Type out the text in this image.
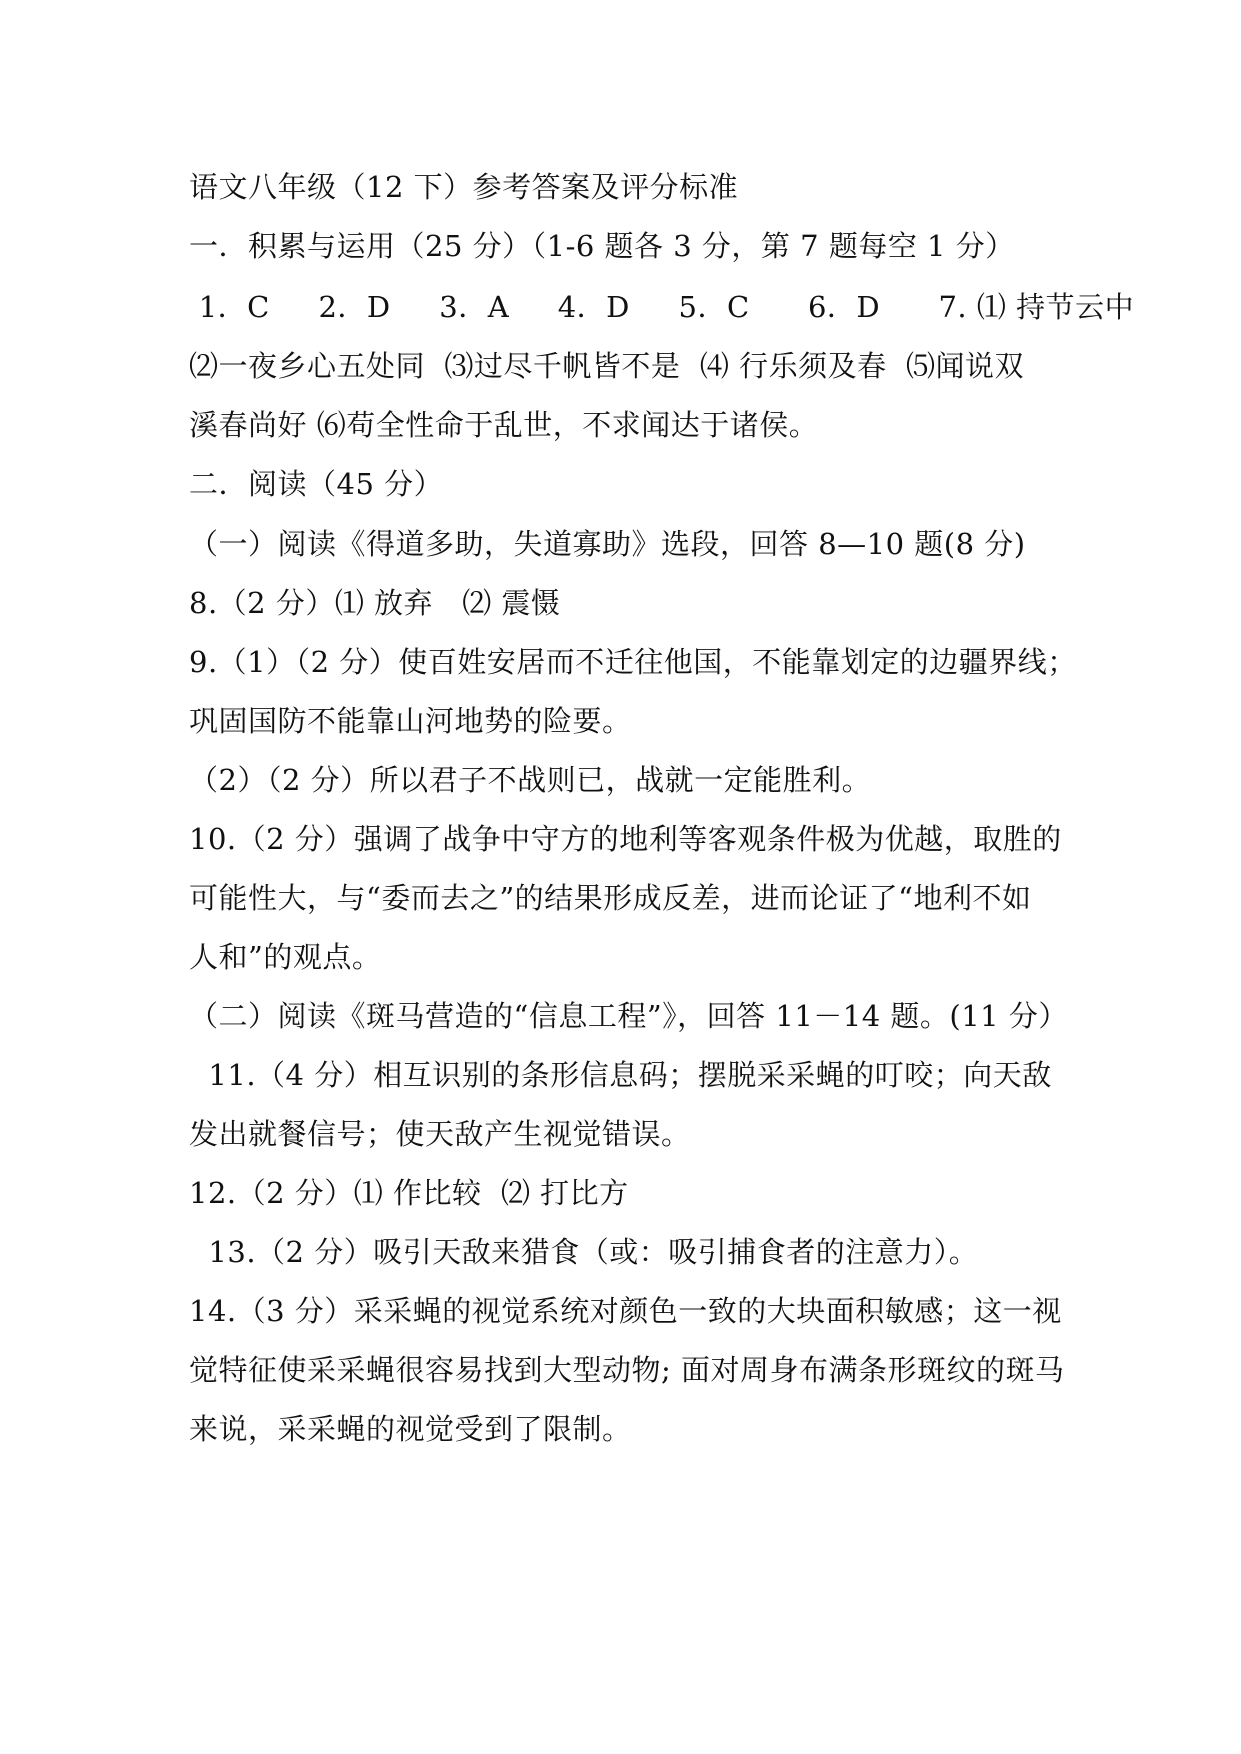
语文八年级（12 下）参考答案及评分标准
一．积累与运用（25 分）（1-6 题各 3 分，第 7 题每空 1 分）
1．C     2．D     3．A     4．D     5．C      6．D      7. ⑴ 持节云中
⑵一夜乡心五处同  ⑶过尽千帆皆不是  ⑷ 行乐须及春  ⑸闻说双
溪春尚好 ⑹苟全性命于乱世，不求闻达于诸侯。
二．阅读（45 分）
（一）阅读《得道多助，失道寡助》选段，回答 8—10 题(8 分)
8.（2 分）⑴ 放弃   ⑵ 震慑
9.（1）（2 分）使百姓安居而不迁往他国，不能靠划定的边疆界线；
巩固国防不能靠山河地势的险要。
（2）（2 分）所以君子不战则已，战就一定能胜利。
10.（2 分）强调了战争中守方的地利等客观条件极为优越，取胜的
可能性大，与“委而去之”的结果形成反差，进而论证了“地利不如
人和”的观点。
（二）阅读《斑马营造的“信息工程”》，回答 11－14 题。(11 分）
11.（4 分）相互识别的条形信息码；摆脱采采蝇的叮咬；向天敌
发出就餐信号；使天敌产生视觉错误。
12.（2 分）⑴ 作比较  ⑵ 打比方
13.（2 分）吸引天敌来猎食（或：吸引捕食者的注意力）。
14.（3 分）采采蝇的视觉系统对颜色一致的大块面积敏感；这一视
觉特征使采采蝇很容易找到大型动物; 面对周身布满条形斑纹的斑马
来说，采采蝇的视觉受到了限制。
